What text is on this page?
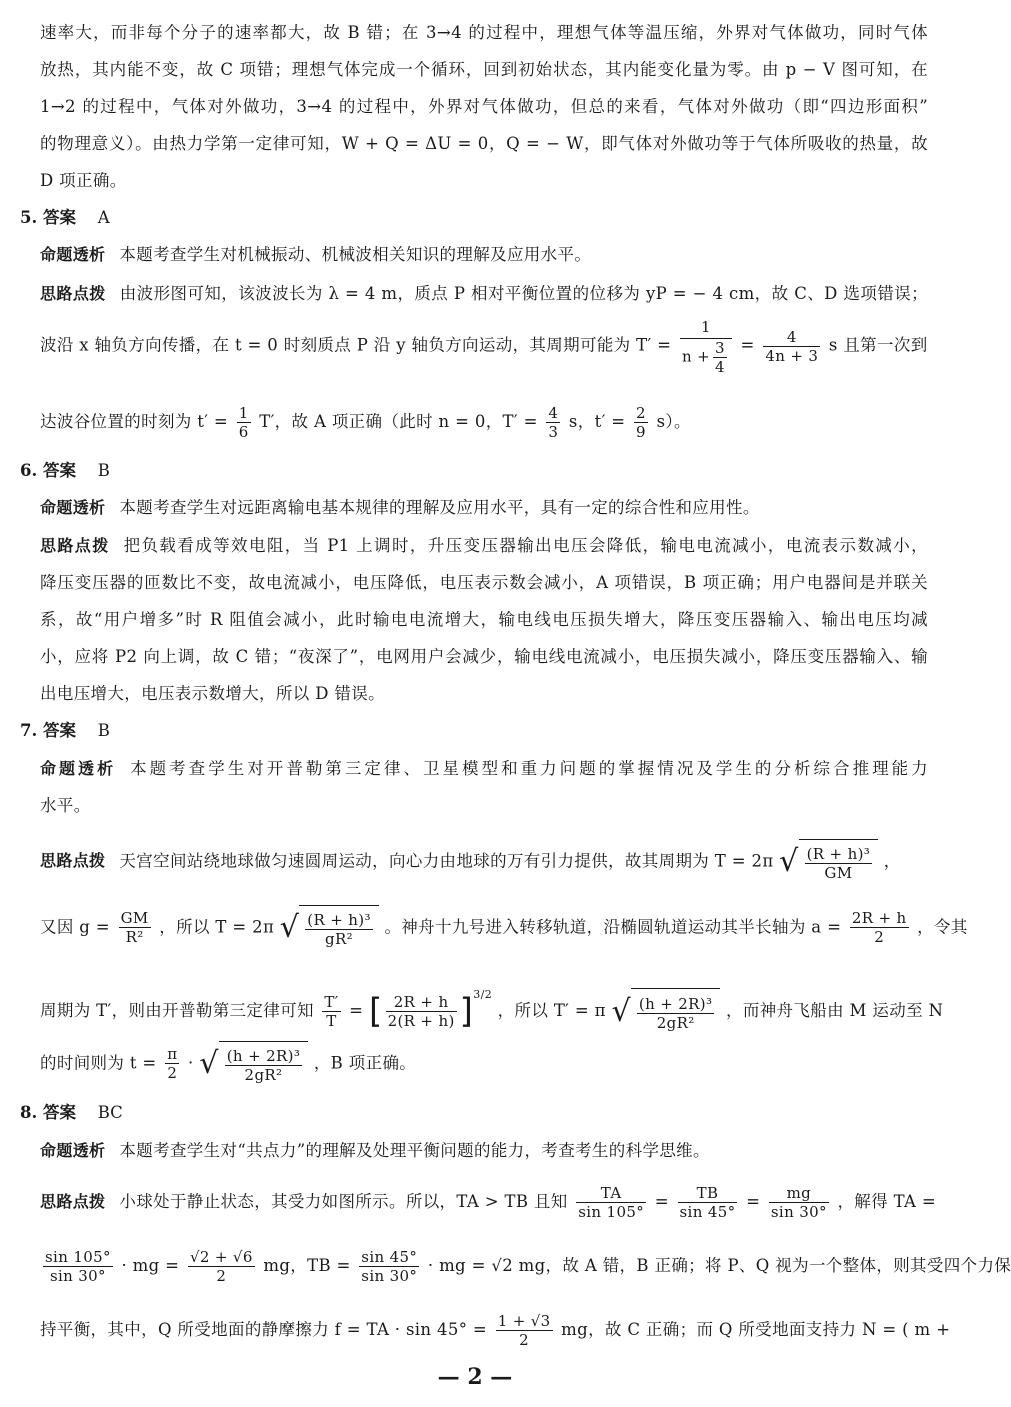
速率大，而非每个分子的速率都大，故 B 错；在 3→4 的过程中，理想气体等温压缩，外界对气体做功，同时气体
放热，其内能不变，故 C 项错；理想气体完成一个循环，回到初始状态，其内能变化量为零。由 p − V 图可知，在
1→2 的过程中，气体对外做功，3→4 的过程中，外界对气体做功，但总的来看，气体对外做功（即“四边形面积”
的物理意义）。由热力学第一定律可知，W + Q = ΔU = 0，Q = − W，即气体对外做功等于气体所吸收的热量，故
D 项正确。
5. 答案 A
命题透析 本题考查学生对机械振动、机械波相关知识的理解及应用水平。
思路点拨 由波形图可知，该波波长为 λ = 4 m，质点 P 相对平衡位置的位移为 yP = − 4 cm，故 C、D 选项错误；
波沿 x 轴负方向传播，在 t = 0 时刻质点 P 沿 y 轴负方向运动，其周期可能为 $T' = \frac{1}{n + \frac{3}{4}} = \frac{4}{4n + 3}$ s 且第一次到
达波谷位置的时刻为 $t' = \frac{1}{6} T'$，故 A 项正确（此时 n = 0，$T' = \frac{4}{3}$ s，$t' = \frac{2}{9} s$）。
6. 答案 B
命题透析 本题考查学生对远距离输电基本规律的理解及应用水平，具有一定的综合性和应用性。
思路点拨 把负载看成等效电阻，当 P1 上调时，升压变压器输出电压会降低，输电电流减小，电流表示数减小，
降压变压器的匝数比不变，故电流减小，电压降低，电压表示数会减小，A 项错误，B 项正确；用户电器间是并联关
系，故“用户增多”时 R 阻值会减小，此时输电电流增大，输电线电压损失增大，降压变压器输入、输出电压均减
小，应将 P2 向上调，故 C 错；“夜深了”，电网用户会减少，输电线电流减小，电压损失减小，降压变压器输入、输
出电压增大，电压表示数增大，所以 D 错误。
7. 答案 B
命题透析 本题考查学生对开普勒第三定律、卫星模型和重力问题的掌握情况及学生的分析综合推理能力
水平。
思路点拨 天宫空间站绕地球做匀速圆周运动，向心力由地球的万有引力提供，故其周期为 T = 2π √ $\frac{\text{(R + h)³}}{GM}$ ，
又因 $g = \frac{GM}{\text{R²}}$ ，所以 T = 2π √ $\frac{\text{(R + h)³}}{\text{gR²}}$ 。神舟十九号进入转移轨道，沿椭圆轨道运动其半长轴为 $a = \frac{2R + h}{2}$ ，令其
周期为 T′，则由开普勒第三定律可知 $\frac{T'}{T}$ = [ $\frac{2R + h}{2(R + h)} ]^{3/2}$ ，所以 T′ = π √ $\frac{\text{(h + 2R)³}}{\text{2gR²}}$ ，而神舟飞船由 M 运动至 N
的时间则为 $t = \frac{\pi}{2}$ · √ $\frac{\text{(h + 2R)³}}{\text{2gR²}}$ ，B 项正确。
8. 答案 BC
命题透析 本题考查学生对“共点力”的理解及处理平衡问题的能力，考查考生的科学思维。
思路点拨 小球处于静止状态，其受力如图所示。所以，TA > TB 且知 $\frac{TA}{\sin 105^\circ} = \frac{TB}{\sin 45^\circ} = \frac{mg}{\sin 30^\circ}$ ，解得 TA =
$\frac{\sin 105^\circ}{\sin 30^\circ}$ · mg = $\frac{√2 + √6}{2}$ mg，TB = $\frac{\sin 45^\circ}{\sin 30^\circ}$ · mg = √2 mg，故 A 错，B 正确；将 P、Q 视为一个整体，则其受四个力保
持平衡，其中，Q 所受地面的静摩擦力 f = TA · $\sin 45^\circ = \frac{1 + √3}{2}$ mg，故 C 正确；而 Q 所受地面支持力 N = ( m +
— 2 —
